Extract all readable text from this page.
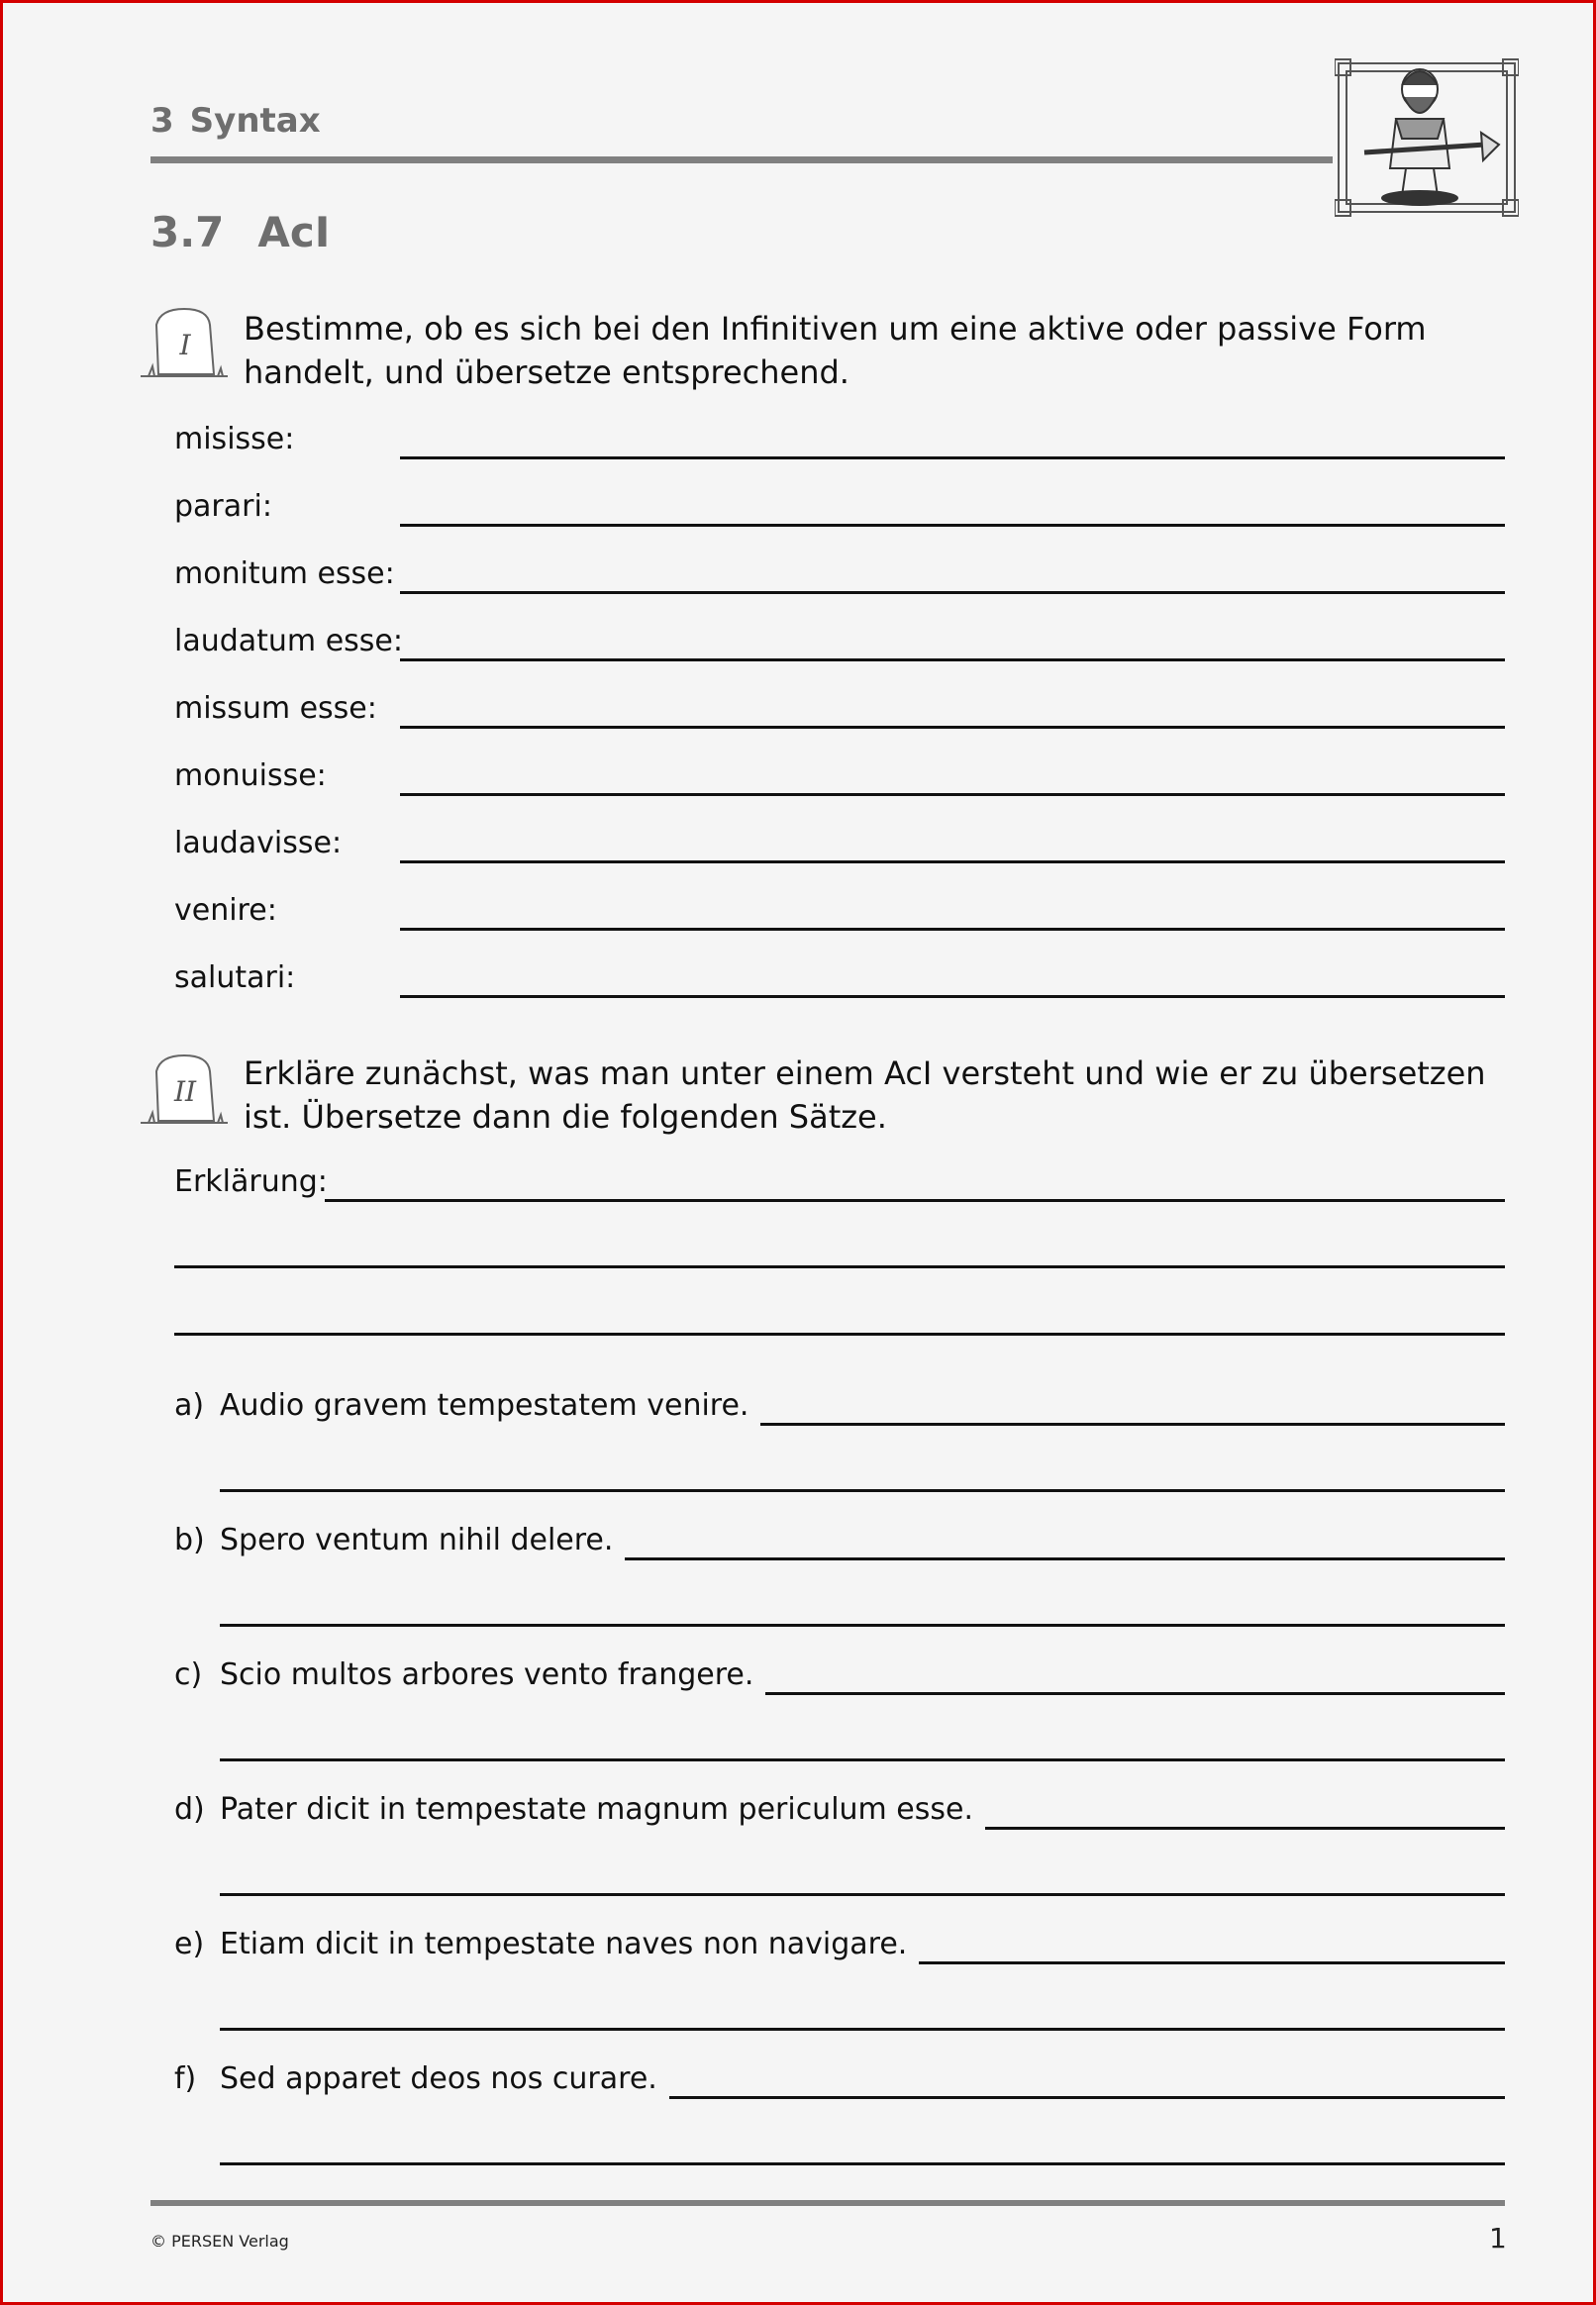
3 Syntax
3.7 AcI
I Bestimme, ob es sich bei den Infinitiven um eine aktive oder passive Form handelt, und übersetze entsprechend.
misisse:
parari:
monitum esse:
laudatum esse:
missum esse:
monuisse:
laudavisse:
venire:
salutari:
II Erkläre zunächst, was man unter einem AcI versteht und wie er zu übersetzen ist. Übersetze dann die folgenden Sätze.
Erklärung:
a) Audio gravem tempestatem venire.
b) Spero ventum nihil delere.
c) Scio multos arbores vento frangere.
d) Pater dicit in tempestate magnum periculum esse.
e) Etiam dicit in tempestate naves non navigare.
f) Sed apparet deos nos curare.
© PERSEN Verlag	1
